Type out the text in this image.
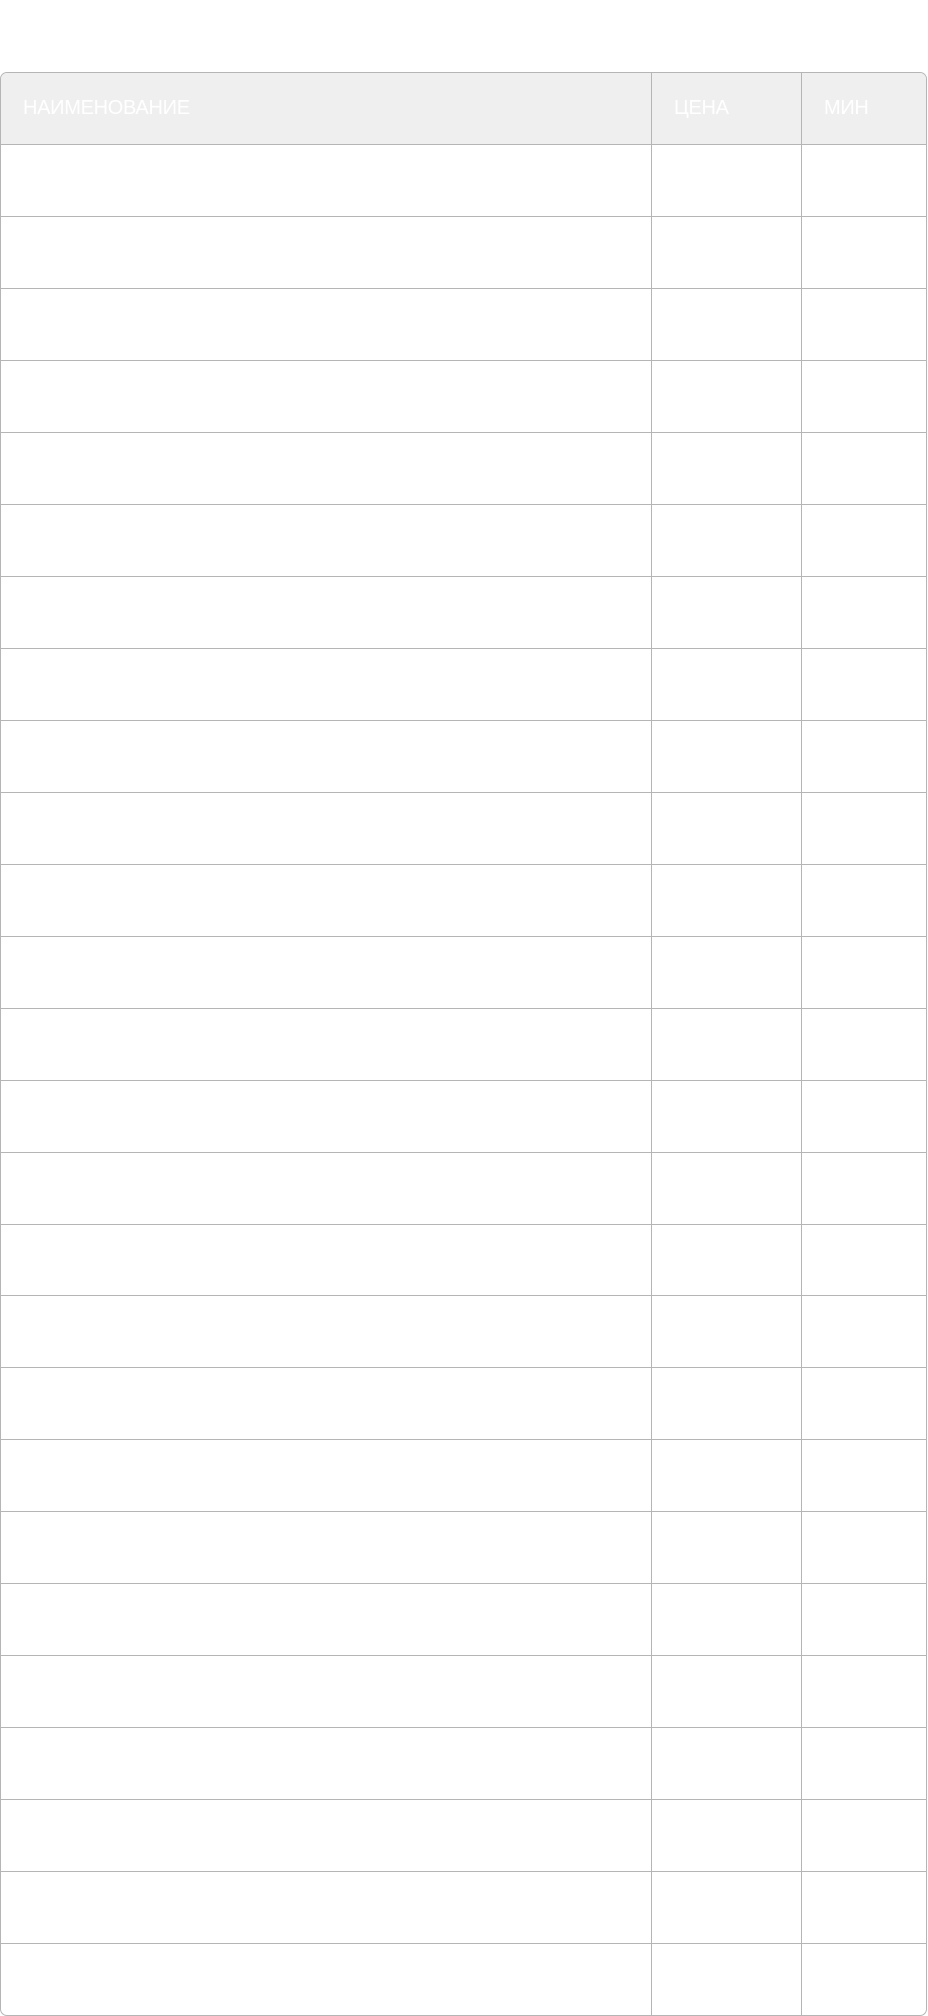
НАИМЕНОВАНИЕ	ЦЕНА	МИН
